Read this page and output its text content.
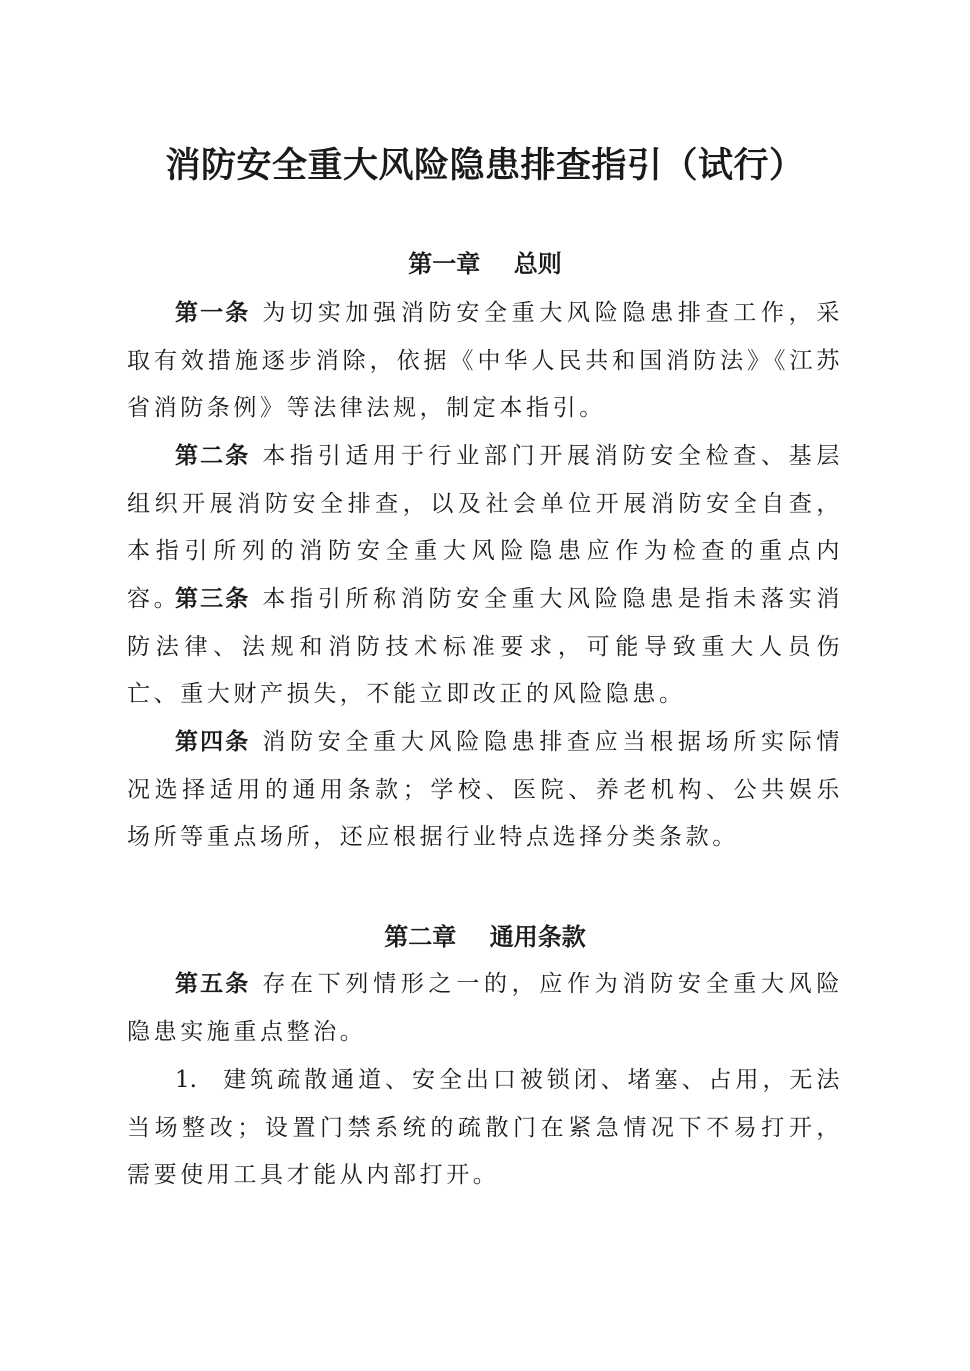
消防安全重大风险隐患排查指引（试行）
第一章    总则

第一条 为切实加强消防安全重大风险隐患排查工作，采取有效措施逐步消除，依据《中华人民共和国消防法》《江苏省消防条例》等法律法规，制定本指引。

第二条 本指引适用于行业部门开展消防安全检查、基层组织开展消防安全排查，以及社会单位开展消防安全自查，本指引所列的消防安全重大风险隐患应作为检查的重点内容。

第三条 本指引所称消防安全重大风险隐患是指未落实消防法律、法规和消防技术标准要求，可能导致重大人员伤亡、重大财产损失，不能立即改正的风险隐患。

第四条 消防安全重大风险隐患排查应当根据场所实际情况选择适用的通用条款；学校、医院、养老机构、公共娱乐场所等重点场所，还应根据行业特点选择分类条款。

第二章    通用条款

第五条 存在下列情形之一的，应作为消防安全重大风险隐患实施重点整治。

1. 建筑疏散通道、安全出口被锁闭、堵塞、占用，无法当场整改；设置门禁系统的疏散门在紧急情况下不易打开，需要使用工具才能从内部打开。
